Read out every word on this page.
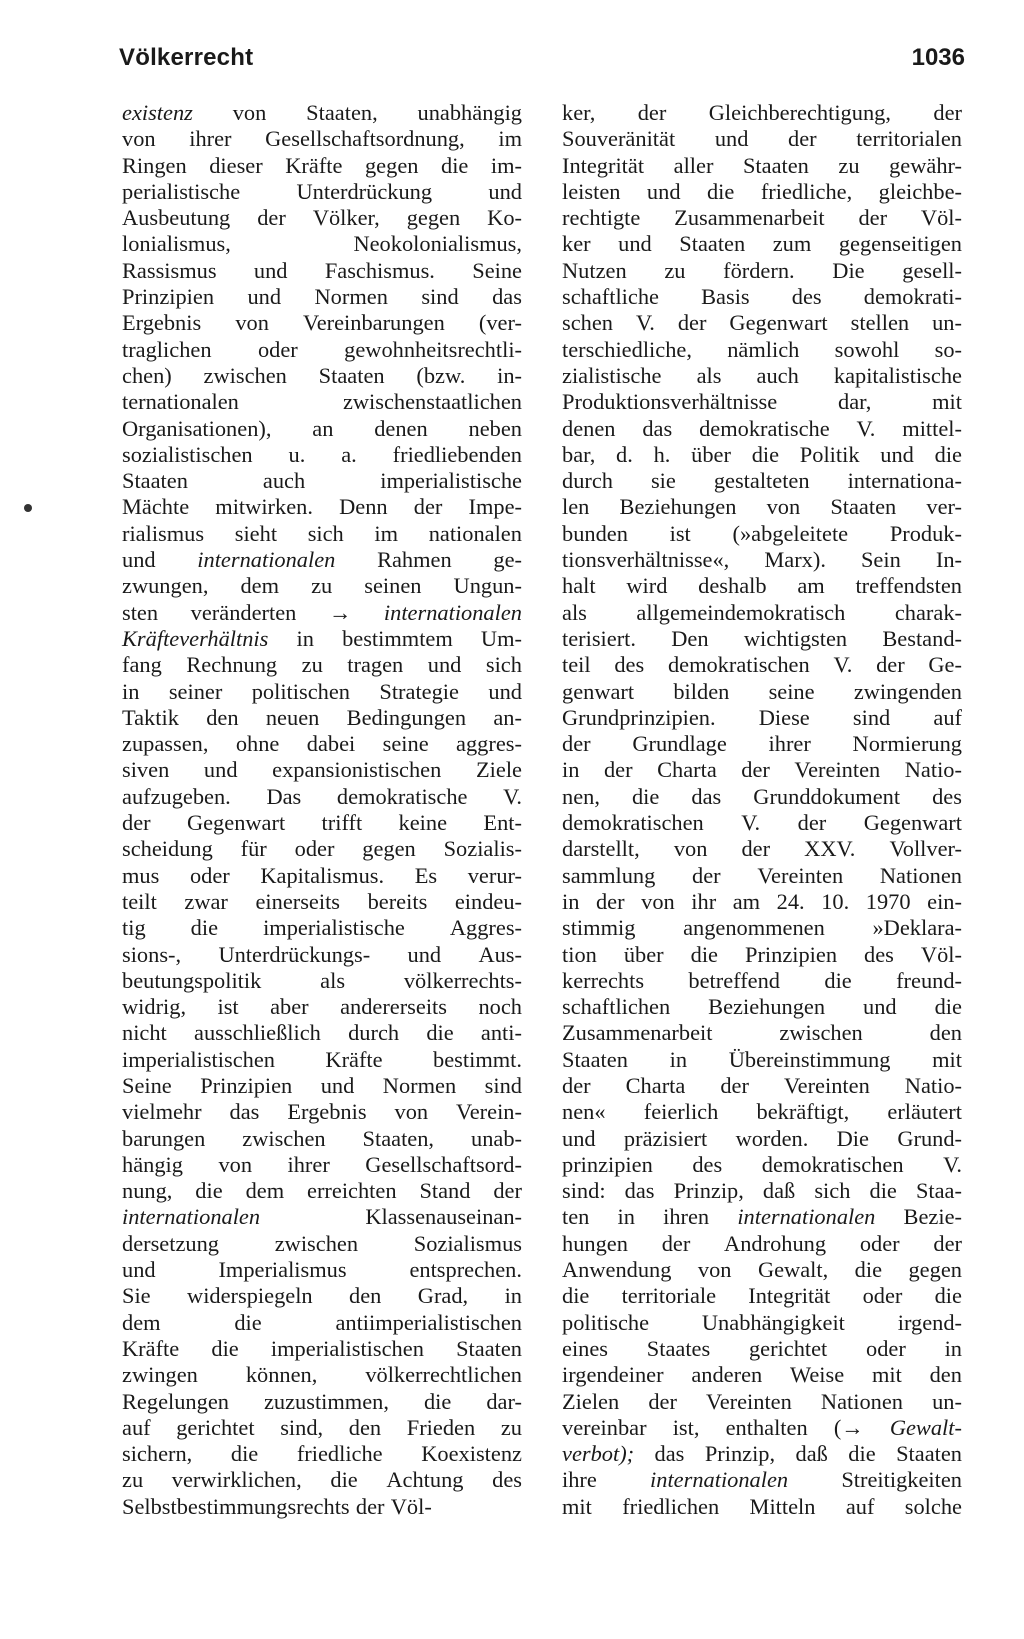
Völkerrecht	1036
existenz von Staaten, unabhängig
von ihrer Gesellschaftsordnung, im
Ringen dieser Kräfte gegen die im-
perialistische	Unterdrückung	und
Ausbeutung der Völker, gegen Ko-
lonialismus,	Neokolonialismus,
Rassismus und Faschismus. Seine
Prinzipien und Normen sind das
Ergebnis von Vereinbarungen (ver-
traglichen oder gewohnheitsrechtli-
chen) zwischen Staaten (bzw. in-
ternationalen	zwischenstaatlichen
Organisationen), an denen neben
sozialistischen u. a. friedliebenden
Staaten	auch	imperialistische
Mächte mitwirken. Denn der Impe-
rialismus sieht sich im nationalen
und internationalen Rahmen ge-
zwungen, dem zu seinen Ungun-
sten veränderten → internationalen
Kräfteverhältnis in bestimmtem Um-
fang Rechnung zu tragen und sich
in seiner politischen Strategie und
Taktik den neuen Bedingungen an-
zupassen, ohne dabei seine aggres-
siven und expansionistischen Ziele
aufzugeben. Das demokratische V.
der Gegenwart trifft keine Ent-
scheidung für oder gegen Sozialis-
mus oder Kapitalismus. Es verur-
teilt zwar einerseits bereits eindeu-
tig die imperialistische Aggres-
sions-, Unterdrückungs- und Aus-
beutungspolitik	als	völkerrechts-
widrig, ist aber andererseits noch
nicht ausschließlich durch die anti-
imperialistischen Kräfte bestimmt.
Seine Prinzipien und Normen sind
vielmehr das Ergebnis von Verein-
barungen zwischen Staaten, unab-
hängig von ihrer Gesellschaftsord-
nung, die dem erreichten Stand der
internationalen	Klassenauseinan-
dersetzung zwischen Sozialismus
und	Imperialismus	entsprechen.
Sie widerspiegeln den Grad, in
dem	die	antiimperialistischen
Kräfte die imperialistischen Staaten
zwingen können, völkerrechtlichen
Regelungen zuzustimmen, die dar-
auf gerichtet sind, den Frieden zu
sichern, die friedliche Koexistenz
zu verwirklichen, die Achtung des
Selbstbestimmungsrechts der Völ-
ker, der Gleichberechtigung, der
Souveränität und der territorialen
Integrität aller Staaten zu gewähr-
leisten und die friedliche, gleichbe-
rechtigte Zusammenarbeit der Völ-
ker und Staaten zum gegenseitigen
Nutzen zu fördern. Die gesell-
schaftliche Basis des demokrati-
schen V. der Gegenwart stellen un-
terschiedliche, nämlich sowohl so-
zialistische als auch kapitalistische
Produktionsverhältnisse	dar,	mit
denen das demokratische V. mittel-
bar, d. h. über die Politik und die
durch sie gestalteten internationa-
len Beziehungen von Staaten ver-
bunden ist (»abgeleitete Produk-
tionsverhältnisse«, Marx). Sein In-
halt wird deshalb am treffendsten
als allgemeindemokratisch charak-
terisiert. Den wichtigsten Bestand-
teil des demokratischen V. der Ge-
genwart bilden seine zwingenden
Grundprinzipien. Diese sind auf
der Grundlage ihrer Normierung
in der Charta der Vereinten Natio-
nen, die das Grunddokument des
demokratischen V. der Gegenwart
darstellt, von der XXV. Vollver-
sammlung der Vereinten Nationen
in der von ihr am 24. 10. 1970 ein-
stimmig angenommenen »Deklara-
tion über die Prinzipien des Völ-
kerrechts betreffend die freund-
schaftlichen Beziehungen und die
Zusammenarbeit	zwischen	den
Staaten in Übereinstimmung mit
der Charta der Vereinten Natio-
nen« feierlich bekräftigt, erläutert
und präzisiert worden. Die Grund-
prinzipien des demokratischen V.
sind: das Prinzip, daß sich die Staa-
ten in ihren internationalen Bezie-
hungen der Androhung oder der
Anwendung von Gewalt, die gegen
die territoriale Integrität oder die
politische Unabhängigkeit irgend-
eines Staates gerichtet oder in
irgendeiner anderen Weise mit den
Zielen der Vereinten Nationen un-
vereinbar ist, enthalten (→ Gewalt-
verbot); das Prinzip, daß die Staaten
ihre internationalen Streitigkeiten
mit friedlichen Mitteln auf solche
